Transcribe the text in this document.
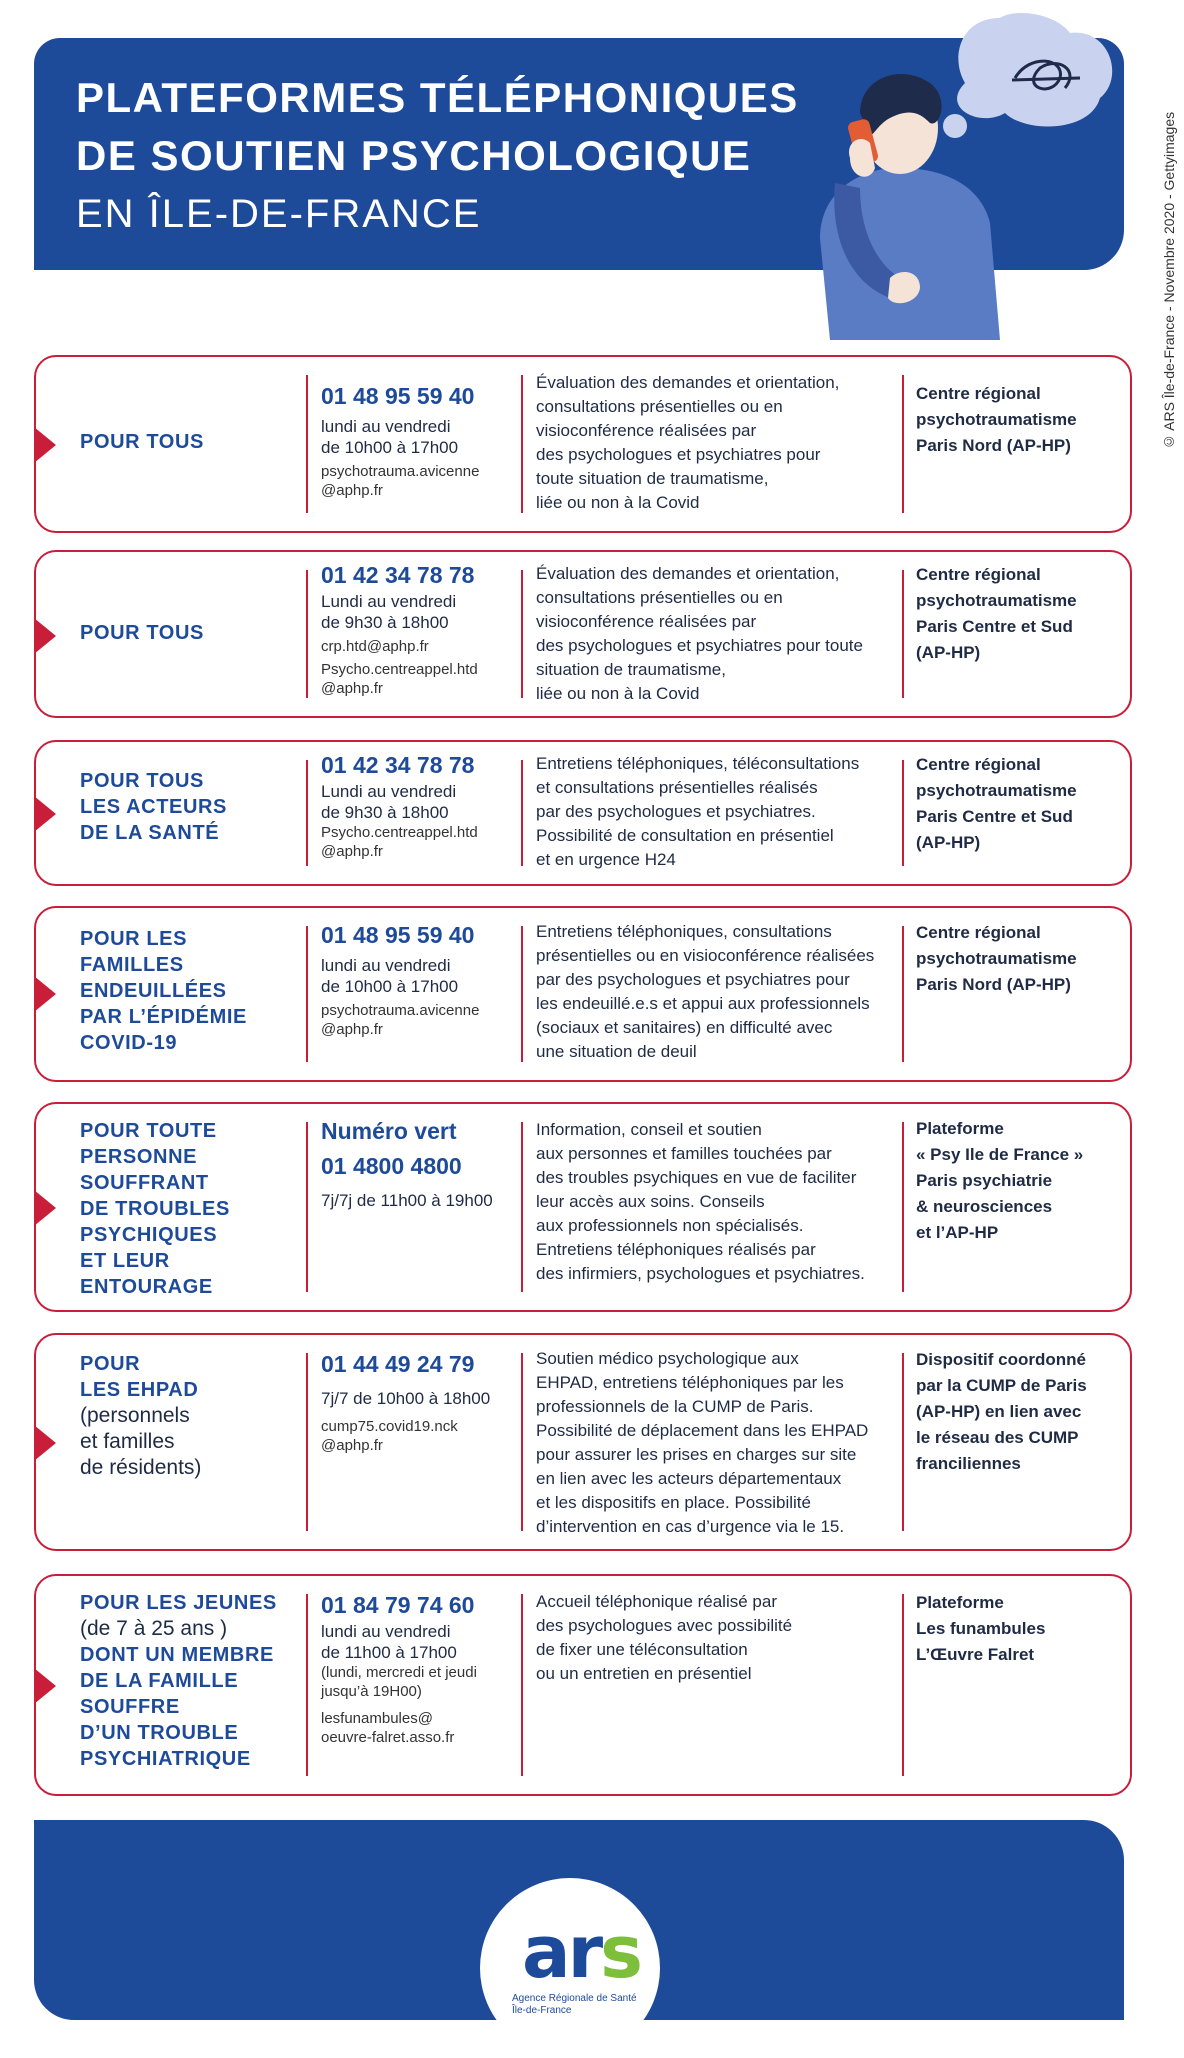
PLATEFORMES TÉLÉPHONIQUES
DE SOUTIEN PSYCHOLOGIQUE
EN ÎLE-DE-FRANCE	© ARS Île-de-France - Novembre 2020 - Gettyimages
POUR TOUS
01 48 95 59 40
lundi au vendredi
de 10h00 à 17h00
psychotrauma.avicenne
@aphp.fr
Évaluation des demandes et orientation,
consultations présentielles ou en
visioconférence réalisées par
des psychologues et psychiatres pour
toute situation de traumatisme,
liée ou non à la Covid
Centre régional
psychotraumatisme
Paris Nord (AP-HP)
POUR TOUS
01 42 34 78 78
Lundi au vendredi
de 9h30 à 18h00
crp.htd@aphp.fr
Psycho.centreappel.htd
@aphp.fr
Évaluation des demandes et orientation,
consultations présentielles ou en
visioconférence réalisées par
des psychologues et psychiatres pour toute
situation de traumatisme,
liée ou non à la Covid
Centre régional
psychotraumatisme
Paris Centre et Sud
(AP-HP)
POUR TOUS
LES ACTEURS
DE LA SANTÉ
01 42 34 78 78
Lundi au vendredi
de 9h30 à 18h00
Psycho.centreappel.htd
@aphp.fr
Entretiens téléphoniques, téléconsultations
et consultations présentielles réalisés
par des psychologues et psychiatres.
Possibilité de consultation en présentiel
et en urgence H24
Centre régional
psychotraumatisme
Paris Centre et Sud
(AP-HP)
POUR LES
FAMILLES
ENDEUILLÉES
PAR L’ÉPIDÉMIE
COVID-19
01 48 95 59 40
lundi au vendredi
de 10h00 à 17h00
psychotrauma.avicenne
@aphp.fr
Entretiens téléphoniques, consultations
présentielles ou en visioconférence réalisées
par des psychologues et psychiatres pour
les endeuillé.e.s et appui aux professionnels
(sociaux et sanitaires) en difficulté avec
une situation de deuil
Centre régional
psychotraumatisme
Paris Nord (AP-HP)
POUR TOUTE
PERSONNE
SOUFFRANT
DE TROUBLES
PSYCHIQUES
ET LEUR
ENTOURAGE
Numéro vert
01 4800 4800
7j/7j de 11h00 à 19h00
Information, conseil et soutien
aux personnes et familles touchées par
des troubles psychiques en vue de faciliter
leur accès aux soins. Conseils
aux professionnels non spécialisés.
Entretiens téléphoniques réalisés par
des infirmiers, psychologues et psychiatres.
Plateforme
« Psy Ile de France »
Paris psychiatrie
& neurosciences
et l’AP-HP
POUR
LES EHPAD
(personnels
et familles
de résidents)
01 44 49 24 79
7j/7 de 10h00 à 18h00
cump75.covid19.nck
@aphp.fr
Soutien médico psychologique aux
EHPAD, entretiens téléphoniques par les
professionnels de la CUMP de Paris.
Possibilité de déplacement dans les EHPAD
pour assurer les prises en charges sur site
en lien avec les acteurs départementaux
et les dispositifs en place. Possibilité
d’intervention en cas d’urgence via le 15.
Dispositif coordonné
par la CUMP de Paris
(AP-HP) en lien avec
le réseau des CUMP
franciliennes
POUR LES JEUNES
(de 7 à 25 ans )
DONT UN MEMBRE
DE LA FAMILLE
SOUFFRE
D’UN TROUBLE
PSYCHIATRIQUE
01 84 79 74 60
lundi au vendredi
de 11h00 à 17h00
(lundi, mercredi et jeudi
jusqu’à 19H00)
lesfunambules@
oeuvre-falret.asso.fr
Accueil téléphonique réalisé par
des psychologues avec possibilité
de fixer une téléconsultation
ou un entretien en présentiel
Plateforme
Les funambules
L’Œuvre Falret
ars
Agence Régionale de Santé
Île-de-France
